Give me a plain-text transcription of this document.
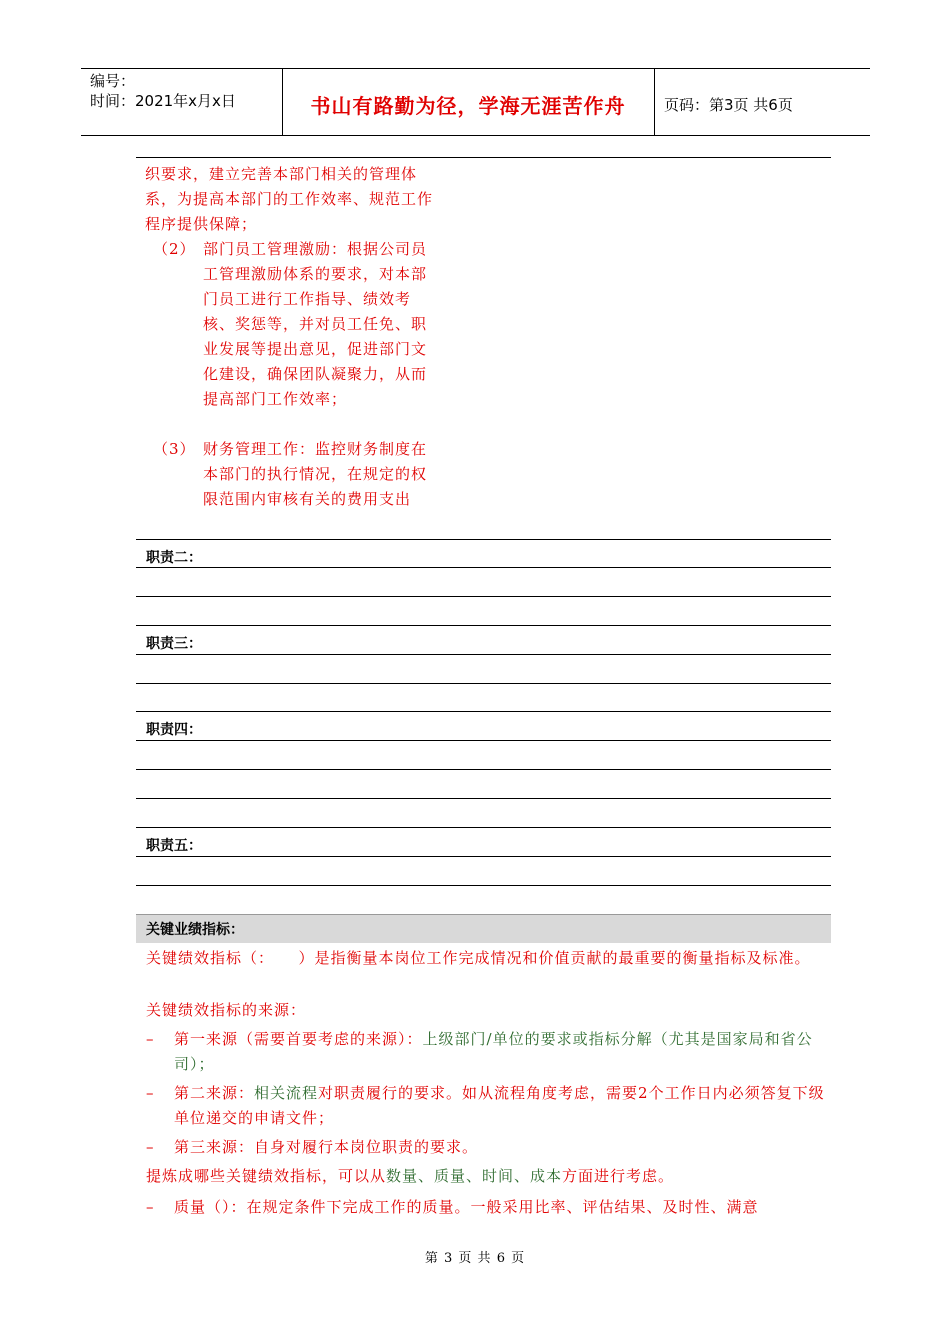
编号：
时间：2021年x月x日	书山有路勤为径，学海无涯苦作舟	页码：第3页 共6页
织要求，建立完善本部门相关的管理体系，为提高本部门的工作效率、规范工作程序提供保障；
（2） 部门员工管理激励：根据公司员工管理激励体系的要求，对本部门员工进行工作指导、绩效考核、奖惩等，并对员工任免、职业发展等提出意见，促进部门文化建设，确保团队凝聚力，从而提高部门工作效率；
（3） 财务管理工作：监控财务制度在本部门的执行情况，在规定的权限范围内审核有关的费用支出
职责二：
职责三：
职责四：
职责五：
关键业绩指标：
关键绩效指标（：　　）是指衡量本岗位工作完成情况和价值贡献的最重要的衡量指标及标准。
关键绩效指标的来源：
– 第一来源（需要首要考虑的来源）：上级部门/单位的要求或指标分解（尤其是国家局和省公司）；
– 第二来源：相关流程对职责履行的要求。如从流程角度考虑，需要2个工作日内必须答复下级单位递交的申请文件；
– 第三来源：自身对履行本岗位职责的要求。
提炼成哪些关键绩效指标，可以从数量、质量、时间、成本方面进行考虑。
– 质量（）：在规定条件下完成工作的质量。一般采用比率、评估结果、及时性、满意
第 3 页 共 6 页
